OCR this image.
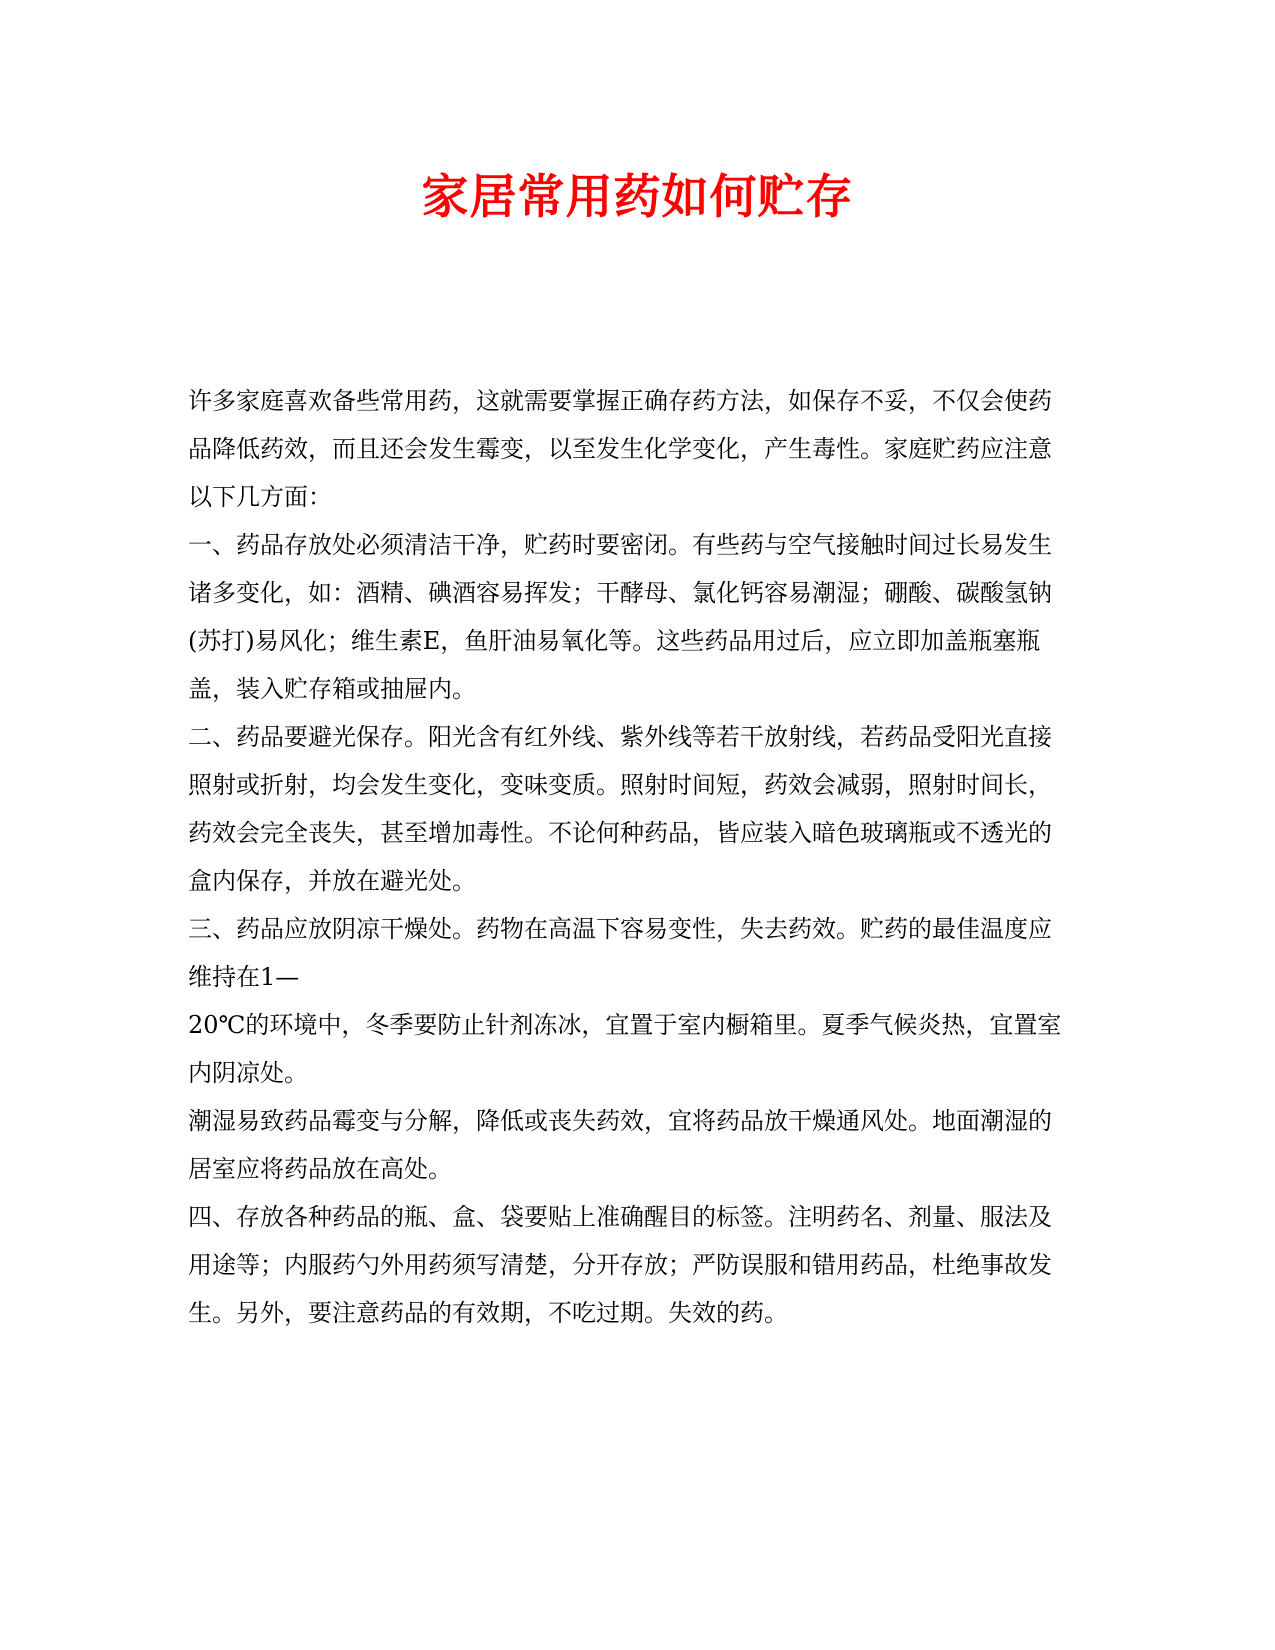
家居常用药如何贮存
许多家庭喜欢备些常用药，这就需要掌握正确存药方法，如保存不妥，不仅会使药
品降低药效，而且还会发生霉变，以至发生化学变化，产生毒性。家庭贮药应注意
以下几方面：
一、药品存放处必须清洁干净，贮药时要密闭。有些药与空气接触时间过长易发生
诸多变化，如：酒精、碘酒容易挥发；干酵母、氯化钙容易潮湿；硼酸、碳酸氢钠
(苏打)易风化；维生素E，鱼肝油易氧化等。这些药品用过后，应立即加盖瓶塞瓶
盖，装入贮存箱或抽屉内。
二、药品要避光保存。阳光含有红外线、紫外线等若干放射线，若药品受阳光直接
照射或折射，均会发生变化，变味变质。照射时间短，药效会减弱，照射时间长，
药效会完全丧失，甚至增加毒性。不论何种药品，皆应装入暗色玻璃瓶或不透光的
盒内保存，并放在避光处。
三、药品应放阴凉干燥处。药物在高温下容易变性，失去药效。贮药的最佳温度应
维持在1—
20℃的环境中，冬季要防止针剂冻冰，宜置于室内橱箱里。夏季气候炎热，宜置室
内阴凉处。
潮湿易致药品霉变与分解，降低或丧失药效，宜将药品放干燥通风处。地面潮湿的
居室应将药品放在高处。
四、存放各种药品的瓶、盒、袋要贴上准确醒目的标签。注明药名、剂量、服法及
用途等；内服药勺外用药须写清楚，分开存放；严防误服和错用药品，杜绝事故发
生。另外，要注意药品的有效期，不吃过期。失效的药。
